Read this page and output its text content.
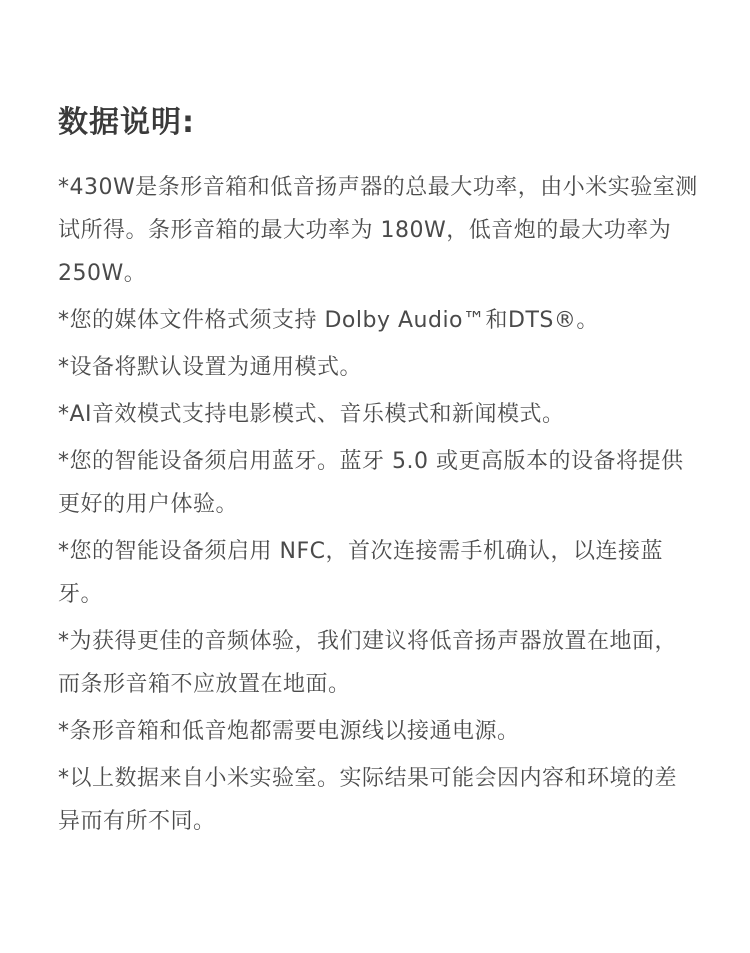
数据说明:
*430W是条形音箱和低音扬声器的总最大功率，由小米实验室测试所得。条形音箱的最大功率为 180W，低音炮的最大功率为 250W。
*您的媒体文件格式须支持 Dolby Audio™和DTS®。
*设备将默认设置为通用模式。
*AI音效模式支持电影模式、音乐模式和新闻模式。
*您的智能设备须启用蓝牙。蓝牙 5.0 或更高版本的设备将提供更好的用户体验。
*您的智能设备须启用 NFC，首次连接需手机确认，以连接蓝牙。
*为获得更佳的音频体验，我们建议将低音扬声器放置在地面，而条形音箱不应放置在地面。
*条形音箱和低音炮都需要电源线以接通电源。
*以上数据来自小米实验室。实际结果可能会因内容和环境的差异而有所不同。
